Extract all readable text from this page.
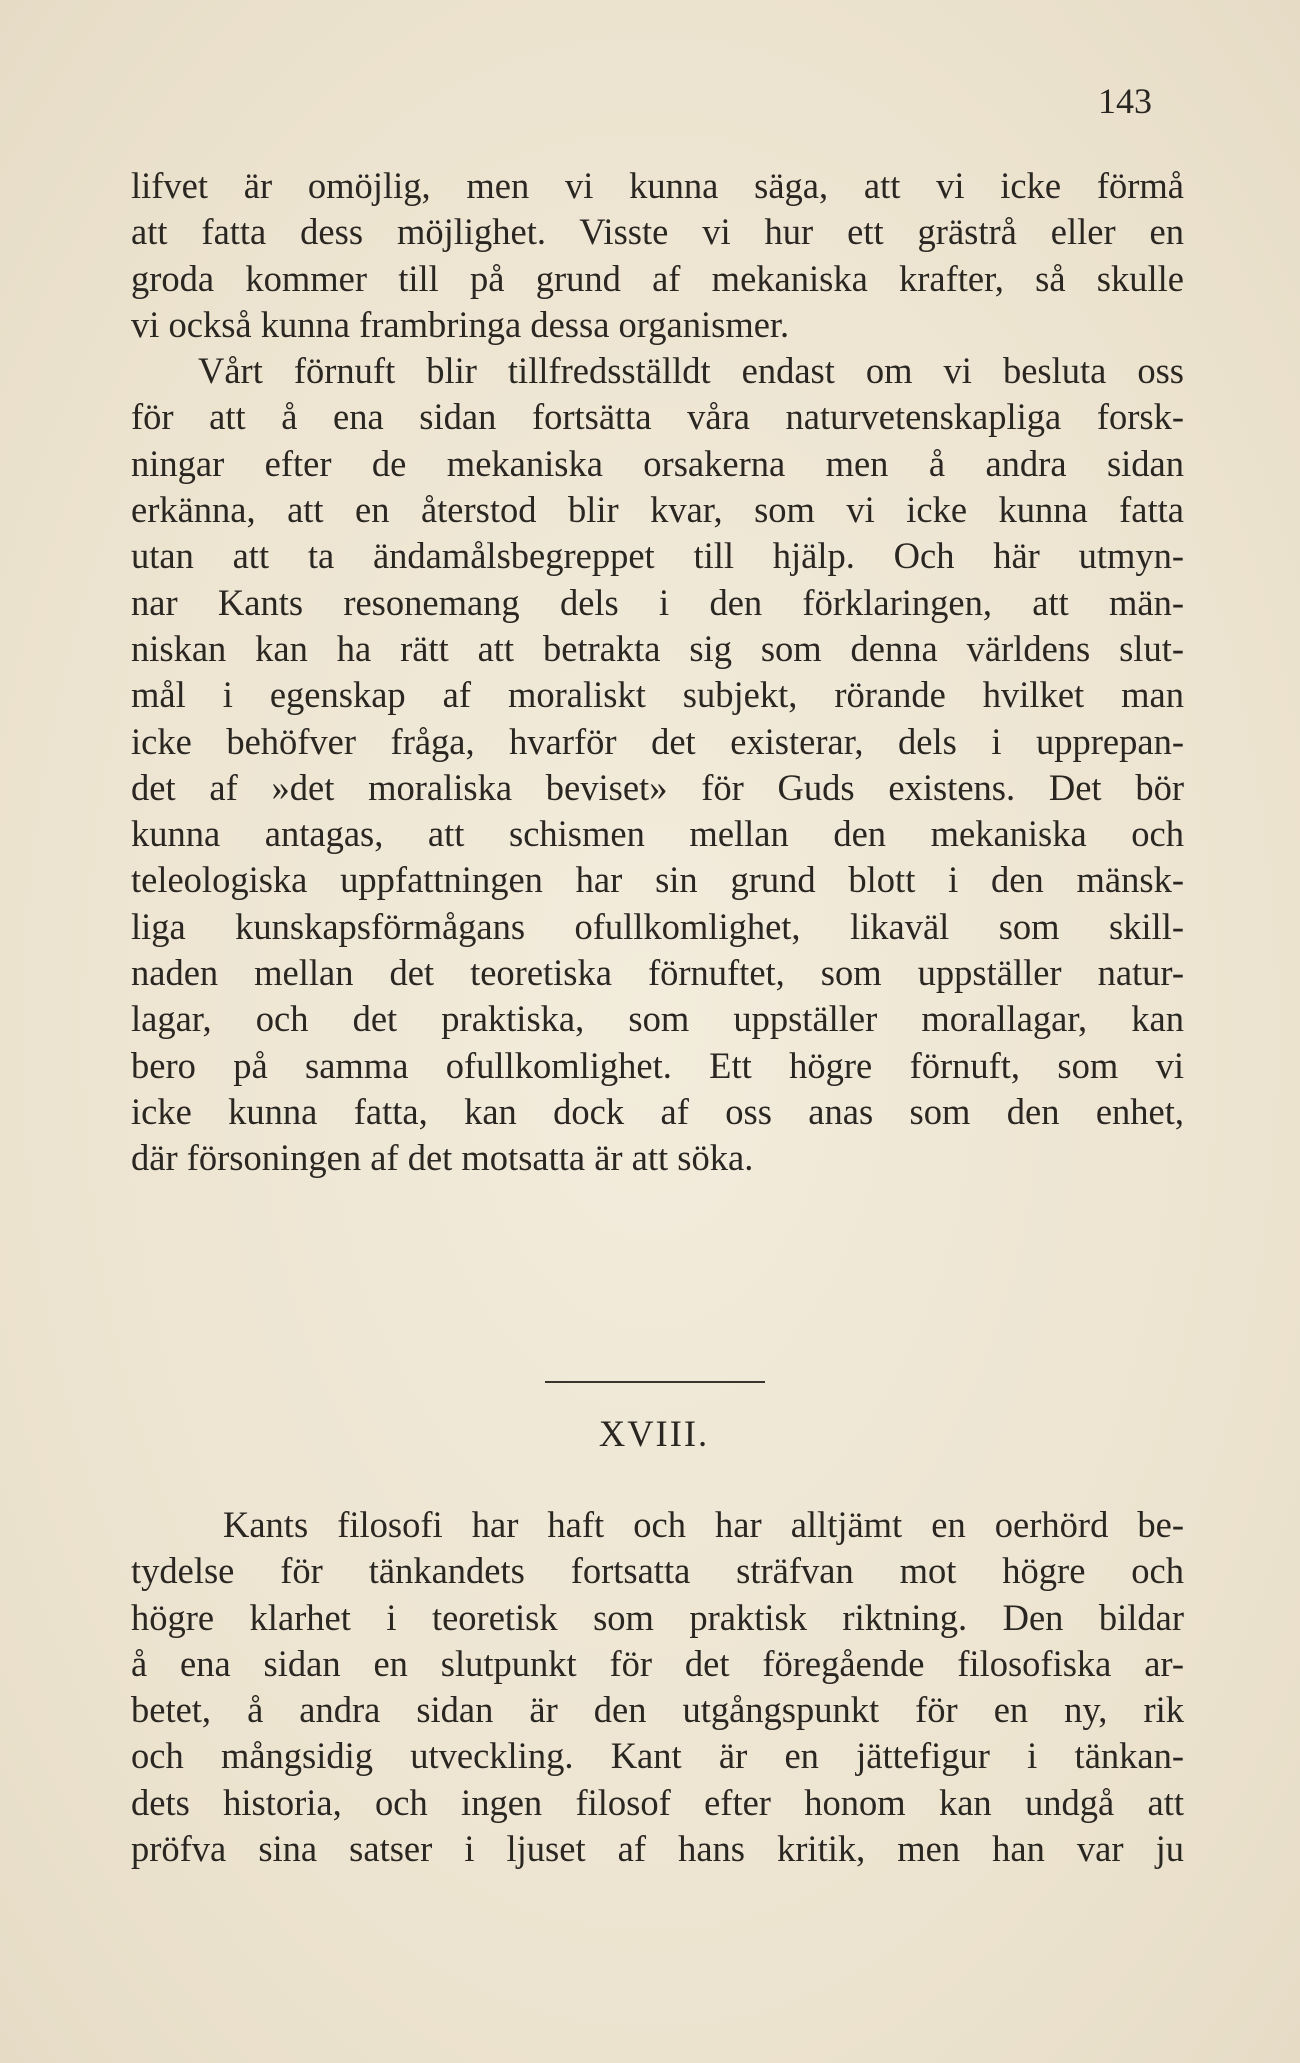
143
lifvet är omöjlig, men vi kunna säga, att vi icke förmå
att fatta dess möjlighet. Visste vi hur ett grästrå eller en
groda kommer till på grund af mekaniska krafter, så skulle
vi också kunna frambringa dessa organismer.
Vårt förnuft blir tillfredsställdt endast om vi besluta oss
för att å ena sidan fortsätta våra naturvetenskapliga forsk-
ningar efter de mekaniska orsakerna men å andra sidan
erkänna, att en återstod blir kvar, som vi icke kunna fatta
utan att ta ändamålsbegreppet till hjälp. Och här utmyn-
nar Kants resonemang dels i den förklaringen, att män-
niskan kan ha rätt att betrakta sig som denna världens slut-
mål i egenskap af moraliskt subjekt, rörande hvilket man
icke behöfver fråga, hvarför det existerar, dels i upprepan-
det af »det moraliska beviset» för Guds existens. Det bör
kunna antagas, att schismen mellan den mekaniska och
teleologiska uppfattningen har sin grund blott i den mänsk-
liga kunskapsförmågans ofullkomlighet, likaväl som skill-
naden mellan det teoretiska förnuftet, som uppställer natur-
lagar, och det praktiska, som uppställer morallagar, kan
bero på samma ofullkomlighet. Ett högre förnuft, som vi
icke kunna fatta, kan dock af oss anas som den enhet,
där försoningen af det motsatta är att söka.
XVIII.
Kants filosofi har haft och har alltjämt en oerhörd be-
tydelse för tänkandets fortsatta sträfvan mot högre och
högre klarhet i teoretisk som praktisk riktning. Den bildar
å ena sidan en slutpunkt för det föregående filosofiska ar-
betet, å andra sidan är den utgångspunkt för en ny, rik
och mångsidig utveckling. Kant är en jättefigur i tänkan-
dets historia, och ingen filosof efter honom kan undgå att
pröfva sina satser i ljuset af hans kritik, men han var ju
